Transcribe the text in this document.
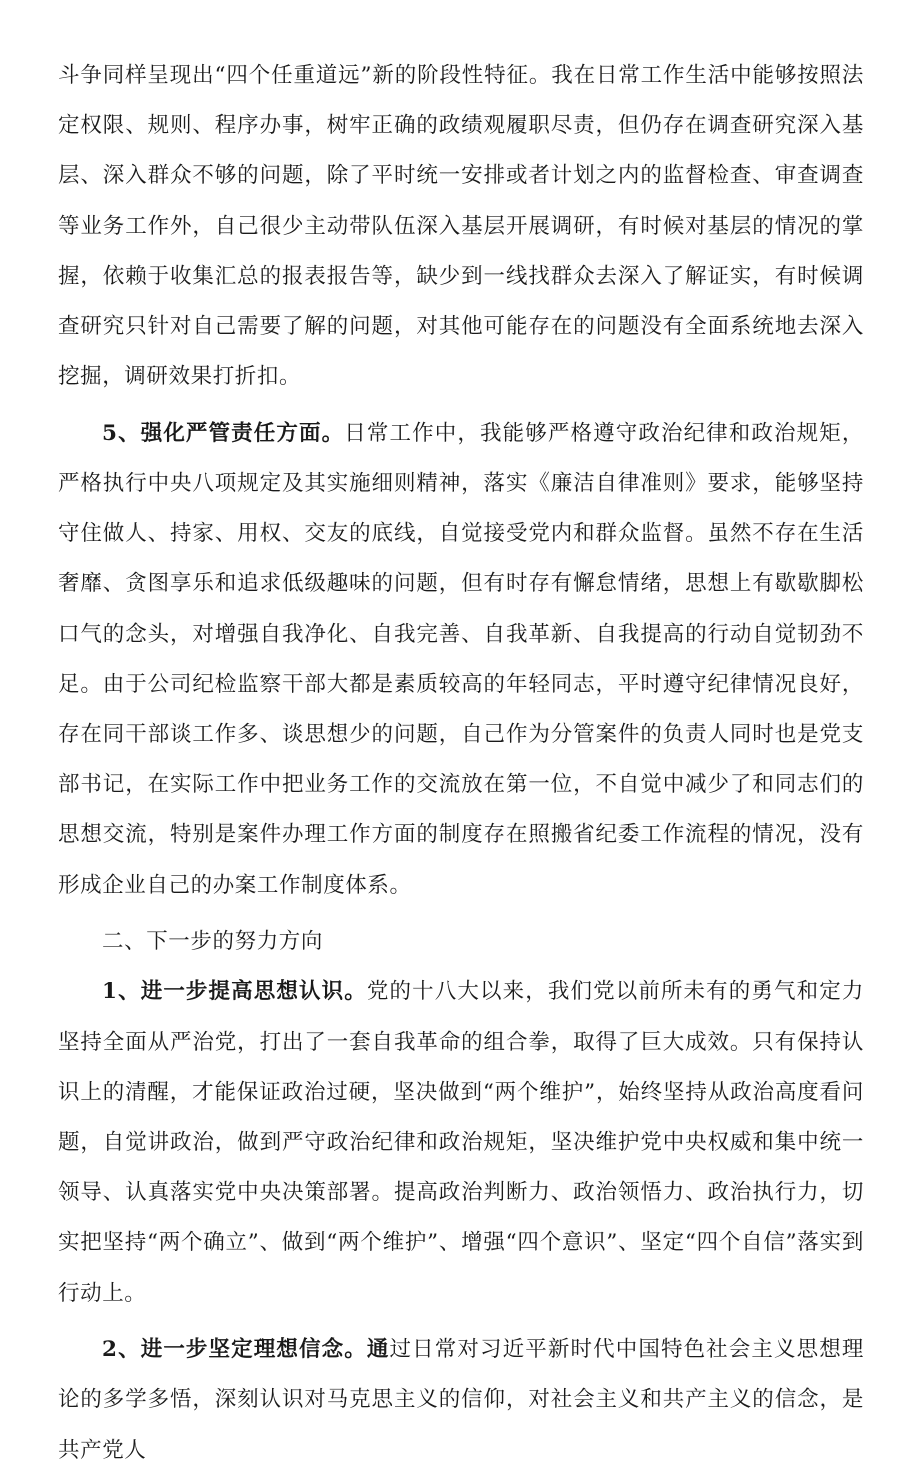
斗争同样呈现出“四个任重道远”新的阶段性特征。我在日常工作生活中能够按照法定权限、规则、程序办事，树牢正确的政绩观履职尽责，但仍存在调查研究深入基层、深入群众不够的问题，除了平时统一安排或者计划之内的监督检查、审查调查等业务工作外，自己很少主动带队伍深入基层开展调研，有时候对基层的情况的掌握，依赖于收集汇总的报表报告等，缺少到一线找群众去深入了解证实，有时候调查研究只针对自己需要了解的问题，对其他可能存在的问题没有全面系统地去深入挖掘，调研效果打折扣。

5、强化严管责任方面。日常工作中，我能够严格遵守政治纪律和政治规矩，严格执行中央八项规定及其实施细则精神，落实《廉洁自律准则》要求，能够坚持守住做人、持家、用权、交友的底线，自觉接受党内和群众监督。虽然不存在生活奢靡、贪图享乐和追求低级趣味的问题，但有时存有懈怠情绪，思想上有歇歇脚松口气的念头，对增强自我净化、自我完善、自我革新、自我提高的行动自觉韧劲不足。由于公司纪检监察干部大都是素质较高的年轻同志，平时遵守纪律情况良好，存在同干部谈工作多、谈思想少的问题，自己作为分管案件的负责人同时也是党支部书记，在实际工作中把业务工作的交流放在第一位，不自觉中减少了和同志们的思想交流，特别是案件办理工作方面的制度存在照搬省纪委工作流程的情况，没有形成企业自己的办案工作制度体系。

二、下一步的努力方向

1、进一步提高思想认识。党的十八大以来，我们党以前所未有的勇气和定力坚持全面从严治党，打出了一套自我革命的组合拳，取得了巨大成效。只有保持认识上的清醒，才能保证政治过硬，坚决做到“两个维护”，始终坚持从政治高度看问题，自觉讲政治，做到严守政治纪律和政治规矩，坚决维护党中央权威和集中统一领导、认真落实党中央决策部署。提高政治判断力、政治领悟力、政治执行力，切实把坚持“两个确立”、做到“两个维护”、增强“四个意识”、坚定“四个自信”落实到行动上。

2、进一步坚定理想信念。通过日常对习近平新时代中国特色社会主义思想理论的多学多悟，深刻认识对马克思主义的信仰，对社会主义和共产主义的信念，是共产党人
